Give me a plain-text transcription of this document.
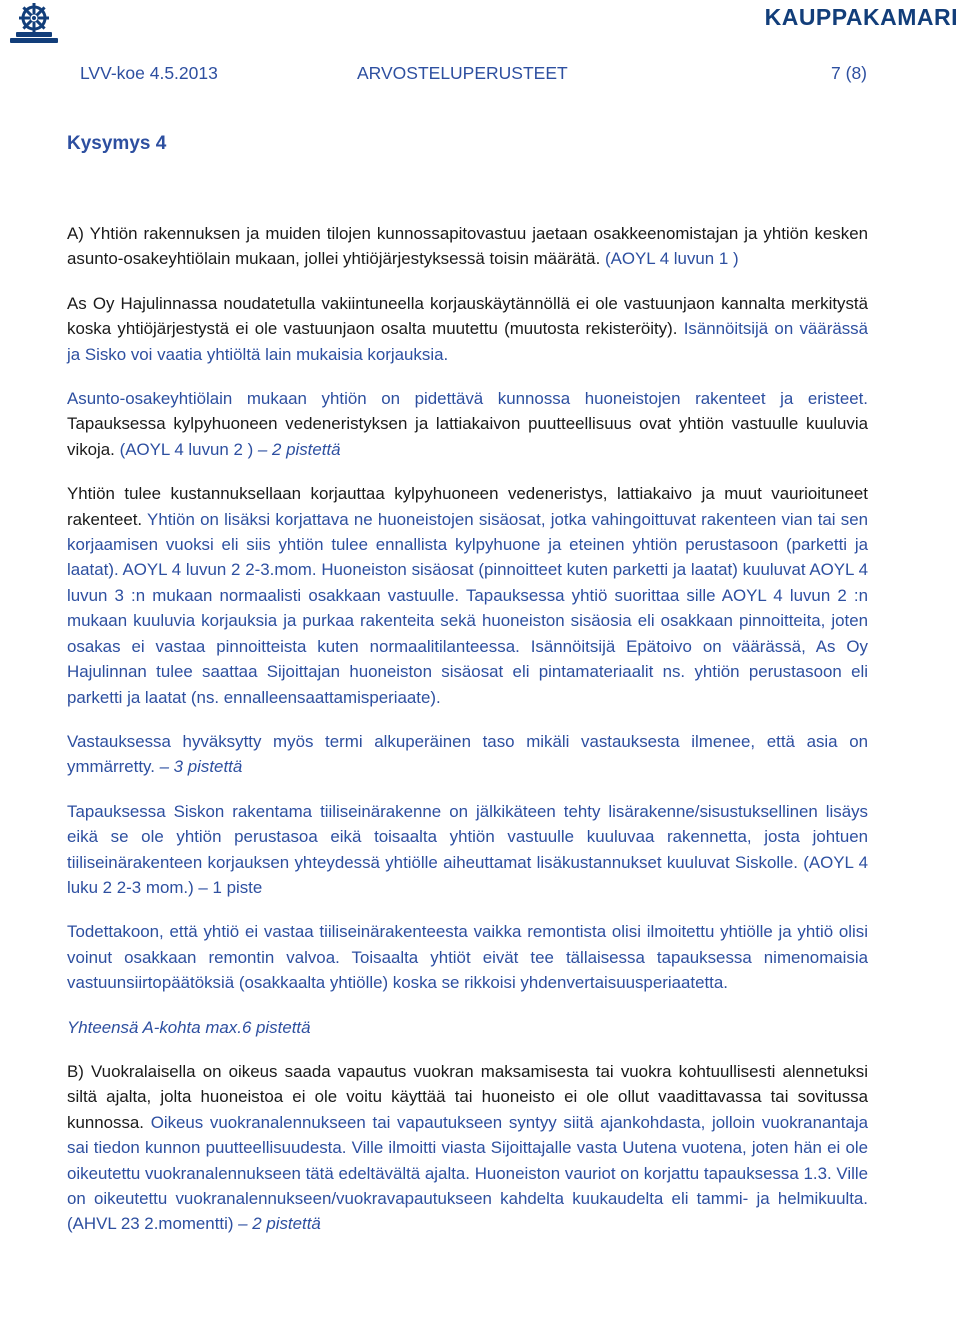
KAUPPAKAMARI
LVV-koe 4.5.2013	ARVOSTELUPERUSTEET	7 (8)
Kysymys 4

A) Yhtiön rakennuksen ja muiden tilojen kunnossapitovastuu jaetaan osakkeenomistajan ja yhtiön kesken asunto-osakeyhtiölain mukaan, jollei yhtiöjärjestyksessä toisin määrätä. (AOYL 4 luvun 1 )

As Oy Hajulinnassa noudatetulla vakiintuneella korjauskäytännöllä ei ole vastuunjaon kannalta merkitystä koska yhtiöjärjestystä ei ole vastuunjaon osalta muutettu (muutosta rekisteröity). Isännöitsijä on väärässä ja Sisko voi vaatia yhtiöltä lain mukaisia korjauksia.

Asunto-osakeyhtiölain mukaan yhtiön on pidettävä kunnossa huoneistojen rakenteet ja eristeet. Tapauksessa kylpyhuoneen vedeneristyksen ja lattiakaivon puutteellisuus ovat yhtiön vastuulle kuuluvia vikoja. (AOYL 4 luvun 2 ) – 2 pistettä

Yhtiön tulee kustannuksellaan korjauttaa kylpyhuoneen vedeneristys, lattiakaivo ja muut vaurioituneet rakenteet. Yhtiön on lisäksi korjattava ne huoneistojen sisäosat, jotka vahingoittuvat rakenteen vian tai sen korjaamisen vuoksi eli siis yhtiön tulee ennallista kylpyhuone ja eteinen yhtiön perustasoon (parketti ja laatat). AOYL 4 luvun 2 2-3.mom. Huoneiston sisäosat (pinnoitteet kuten parketti ja laatat) kuuluvat AOYL 4 luvun 3 :n mukaan normaalisti osakkaan vastuulle. Tapauksessa yhtiö suorittaa sille AOYL 4 luvun 2 :n mukaan kuuluvia korjauksia ja purkaa rakenteita sekä huoneiston sisäosia eli osakkaan pinnoitteita, joten osakas ei vastaa pinnoitteista kuten normaalitilanteessa. Isännöitsijä Epätoivo on väärässä, As Oy Hajulinnan tulee saattaa Sijoittajan huoneiston sisäosat eli pintamateriaalit ns. yhtiön perustasoon eli parketti ja laatat (ns. ennalleensaattamisperiaate).

Vastauksessa hyväksytty myös termi alkuperäinen taso mikäli vastauksesta ilmenee, että asia on ymmärretty. – 3 pistettä

Tapauksessa Siskon rakentama tiiliseinärakenne on jälkikäteen tehty lisärakenne/sisustuksellinen lisäys eikä se ole yhtiön perustasoa eikä toisaalta yhtiön vastuulle kuuluvaa rakennetta, josta johtuen tiiliseinärakenteen korjauksen yhteydessä yhtiölle aiheuttamat lisäkustannukset kuuluvat Siskolle. (AOYL 4 luku 2 2-3 mom.) – 1 piste

Todettakoon, että yhtiö ei vastaa tiiliseinärakenteesta vaikka remontista olisi ilmoitettu yhtiölle ja yhtiö olisi voinut osakkaan remontin valvoa. Toisaalta yhtiöt eivät tee tällaisessa tapauksessa nimenomaisia vastuunsiirtopäätöksiä (osakkaalta yhtiölle) koska se rikkoisi yhdenvertaisuusperiaatetta.

Yhteensä A-kohta max.6 pistettä

B) Vuokralaisella on oikeus saada vapautus vuokran maksamisesta tai vuokra kohtuullisesti alennetuksi siltä ajalta, jolta huoneistoa ei ole voitu käyttää tai huoneisto ei ole ollut vaadittavassa tai sovitussa kunnossa. Oikeus vuokranalennukseen tai vapautukseen syntyy siitä ajankohdasta, jolloin vuokranantaja sai tiedon kunnon puutteellisuudesta. Ville ilmoitti viasta Sijoittajalle vasta Uutena vuotena, joten hän ei ole oikeutettu vuokranalennukseen tätä edeltävältä ajalta. Huoneiston vauriot on korjattu tapauksessa 1.3. Ville on oikeutettu vuokranalennukseen/vuokravapautukseen kahdelta kuukaudelta eli tammi- ja helmikuulta. (AHVL 23 2.momentti) – 2 pistettä
